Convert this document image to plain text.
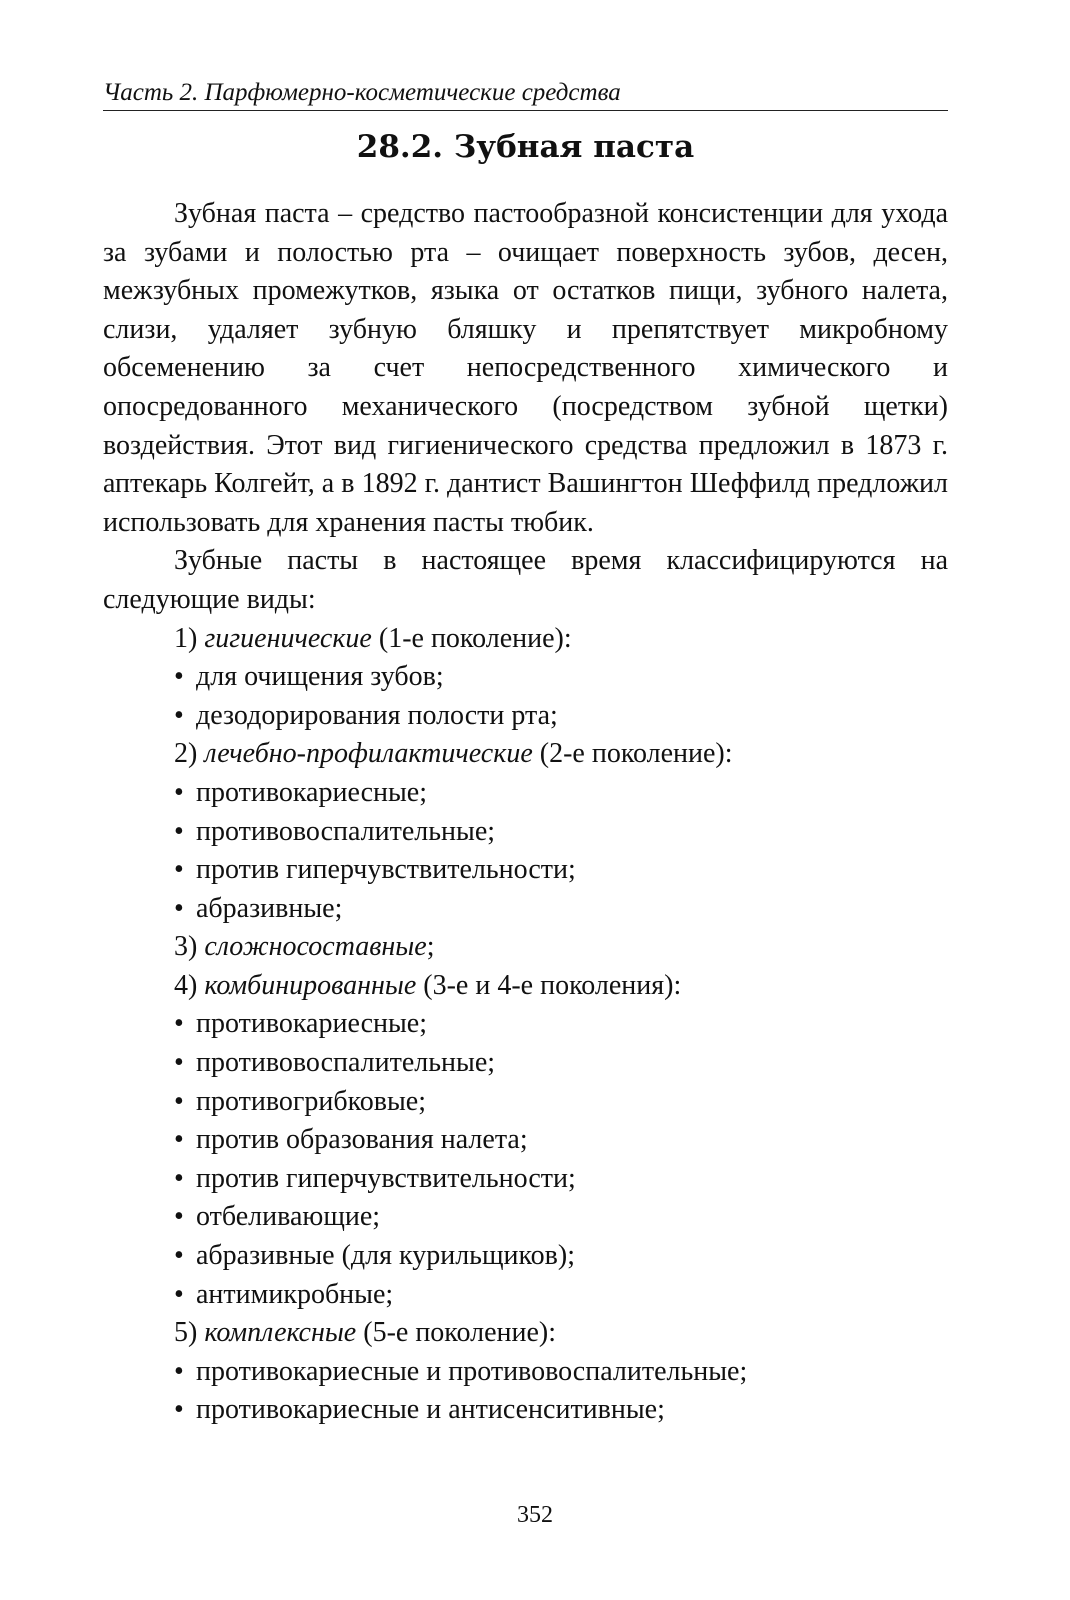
Часть 2. Парфюмерно-косметические средства
28.2. Зубная паста

Зубная паста – средство пастообразной консистенции для ухода за зубами и полостью рта – очищает поверхность зубов, десен, межзубных промежутков, языка от остатков пищи, зубного налета, слизи, удаляет зубную бляшку и препятствует микробному обсеменению за счет непосредственного химического и опосредованного механического (посредством зубной щетки) воздействия. Этот вид гигиенического средства предложил в 1873 г. аптекарь Колгейт, а в 1892 г. дантист Вашингтон Шеффилд предложил использовать для хранения пасты тюбик.

Зубные пасты в настоящее время классифицируются на следующие виды:

1) гигиенические (1-е поколение):
• для очищения зубов;
• дезодорирования полости рта;
2) лечебно-профилактические (2-е поколение):
• противокариесные;
• противовоспалительные;
• против гиперчувствительности;
• абразивные;
3) сложносоставные;
4) комбинированные (3-е и 4-е поколения):
• противокариесные;
• противовоспалительные;
• противогрибковые;
• против образования налета;
• против гиперчувствительности;
• отбеливающие;
• абразивные (для курильщиков);
• антимикробные;
5) комплексные (5-е поколение):
• противокариесные и противовоспалительные;
• противокариесные и антисенситивные;
352
